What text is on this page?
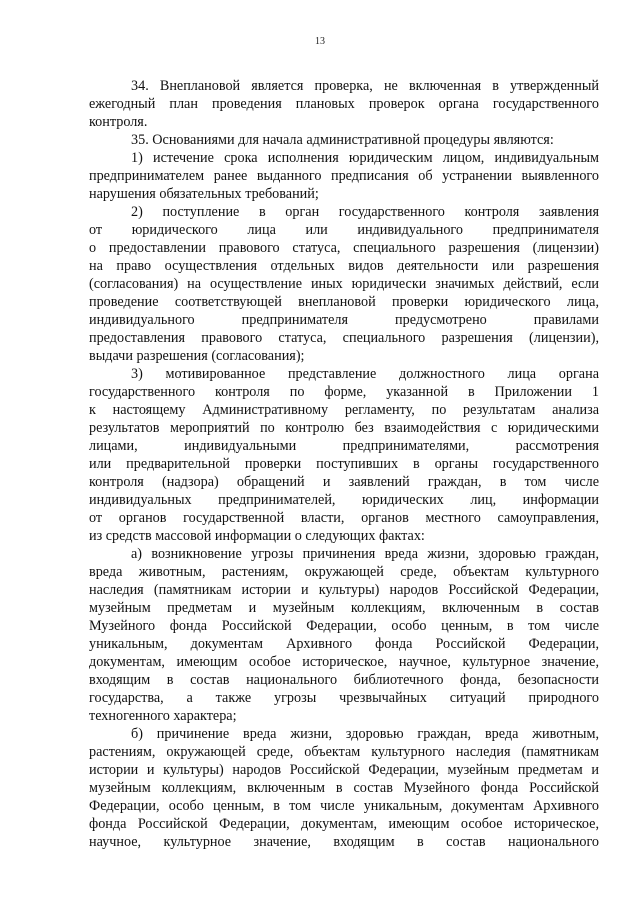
13
34. Внеплановой является проверка, не включенная в утвержденный
ежегодный план проведения плановых проверок органа государственного
контроля.
35. Основаниями для начала административной процедуры являются:
1) истечение срока исполнения юридическим лицом, индивидуальным
предпринимателем ранее выданного предписания об устранении выявленного
нарушения обязательных требований;
2) поступление в орган государственного контроля заявления
от юридического лица или индивидуального предпринимателя
о предоставлении правового статуса, специального разрешения (лицензии)
на право осуществления отдельных видов деятельности или разрешения
(согласования) на осуществление иных юридически значимых действий, если
проведение соответствующей внеплановой проверки юридического лица,
индивидуального предпринимателя предусмотрено правилами
предоставления правового статуса, специального разрешения (лицензии),
выдачи разрешения (согласования);
3) мотивированное представление должностного лица органа
государственного контроля по форме, указанной в Приложении 1
к настоящему Административному регламенту, по результатам анализа
результатов мероприятий по контролю без взаимодействия с юридическими
лицами, индивидуальными предпринимателями, рассмотрения
или предварительной проверки поступивших в органы государственного
контроля (надзора) обращений и заявлений граждан, в том числе
индивидуальных предпринимателей, юридических лиц, информации
от органов государственной власти, органов местного самоуправления,
из средств массовой информации о следующих фактах:
а) возникновение угрозы причинения вреда жизни, здоровью граждан,
вреда животным, растениям, окружающей среде, объектам культурного
наследия (памятникам истории и культуры) народов Российской Федерации,
музейным предметам и музейным коллекциям, включенным в состав
Музейного фонда Российской Федерации, особо ценным, в том числе
уникальным, документам Архивного фонда Российской Федерации,
документам, имеющим особое историческое, научное, культурное значение,
входящим в состав национального библиотечного фонда, безопасности
государства, а также угрозы чрезвычайных ситуаций природного
техногенного характера;
б) причинение вреда жизни, здоровью граждан, вреда животным,
растениям, окружающей среде, объектам культурного наследия (памятникам
истории и культуры) народов Российской Федерации, музейным предметам и
музейным коллекциям, включенным в состав Музейного фонда Российской
Федерации, особо ценным, в том числе уникальным, документам Архивного
фонда Российской Федерации, документам, имеющим особое историческое,
научное, культурное значение, входящим в состав национального
